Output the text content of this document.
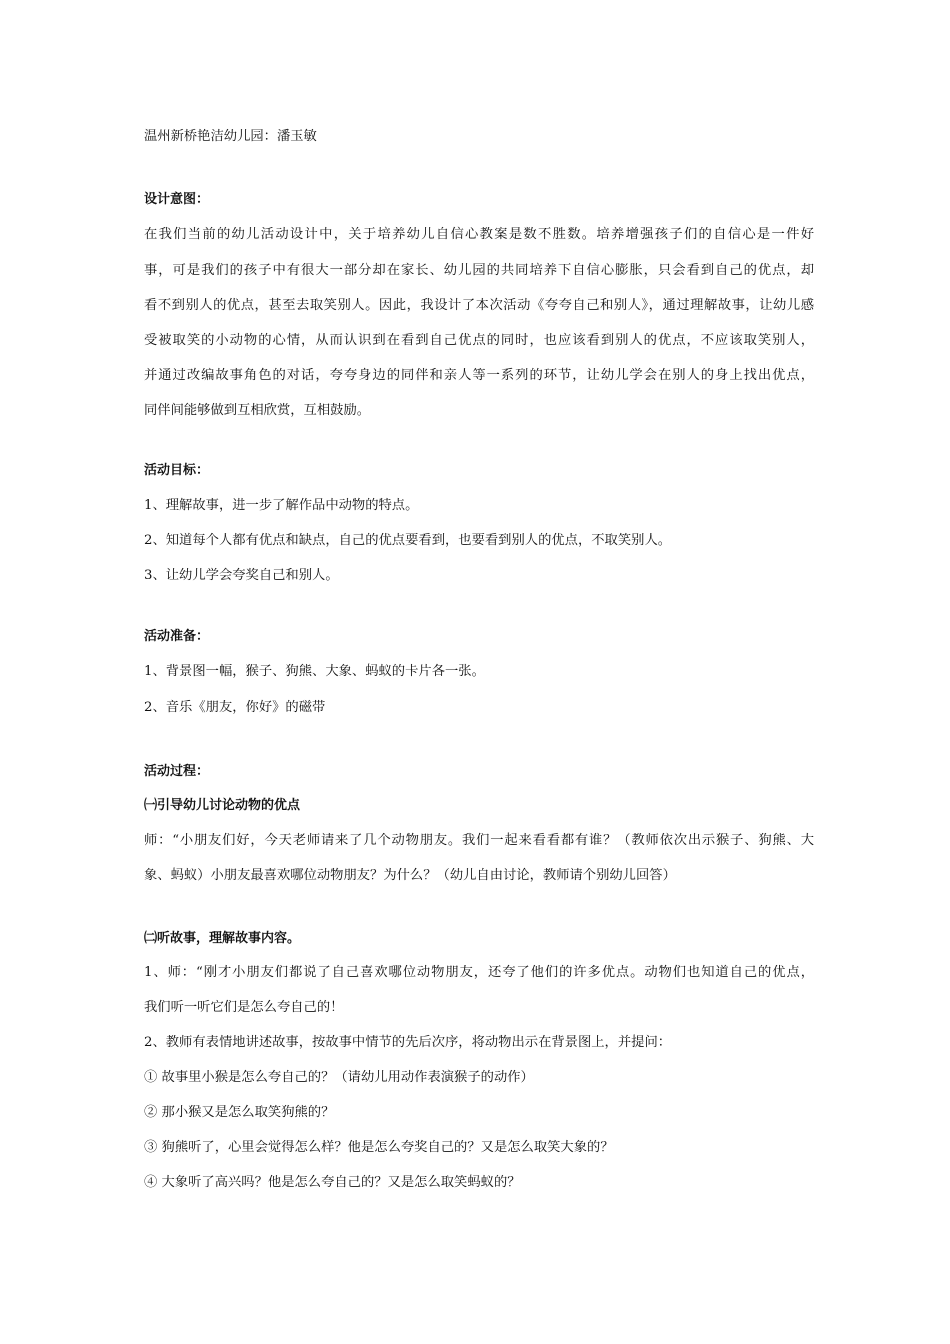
温州新桥艳洁幼儿园：潘玉敏
设计意图：
在我们当前的幼儿活动设计中，关于培养幼儿自信心教案是数不胜数。培养增强孩子们的自信心是一件好
事，可是我们的孩子中有很大一部分却在家长、幼儿园的共同培养下自信心膨胀，只会看到自己的优点，却
看不到别人的优点，甚至去取笑别人。因此，我设计了本次活动《夸夸自己和别人》，通过理解故事，让幼儿感
受被取笑的小动物的心情，从而认识到在看到自己优点的同时，也应该看到别人的优点，不应该取笑别人，
并通过改编故事角色的对话，夸夸身边的同伴和亲人等一系列的环节，让幼儿学会在别人的身上找出优点，
同伴间能够做到互相欣赏，互相鼓励。
活动目标：
1、理解故事，进一步了解作品中动物的特点。
2、知道每个人都有优点和缺点，自己的优点要看到，也要看到别人的优点，不取笑别人。
3、让幼儿学会夸奖自己和别人。
活动准备：
1、背景图一幅，猴子、狗熊、大象、蚂蚁的卡片各一张。
2、音乐《朋友，你好》的磁带
活动过程：
㈠引导幼儿讨论动物的优点
师：“小朋友们好，今天老师请来了几个动物朋友。我们一起来看看都有谁？（教师依次出示猴子、狗熊、大
象、蚂蚁）小朋友最喜欢哪位动物朋友？为什么？（幼儿自由讨论，教师请个别幼儿回答）
㈡听故事，理解故事内容。
1、师：“刚才小朋友们都说了自己喜欢哪位动物朋友，还夸了他们的许多优点。动物们也知道自己的优点，
我们听一听它们是怎么夸自己的！
2、教师有表情地讲述故事，按故事中情节的先后次序，将动物出示在背景图上，并提问：
① 故事里小猴是怎么夸自己的？（请幼儿用动作表演猴子的动作）
② 那小猴又是怎么取笑狗熊的？
③ 狗熊听了，心里会觉得怎么样？他是怎么夸奖自己的？又是怎么取笑大象的？
④ 大象听了高兴吗？他是怎么夸自己的？又是怎么取笑蚂蚁的？
